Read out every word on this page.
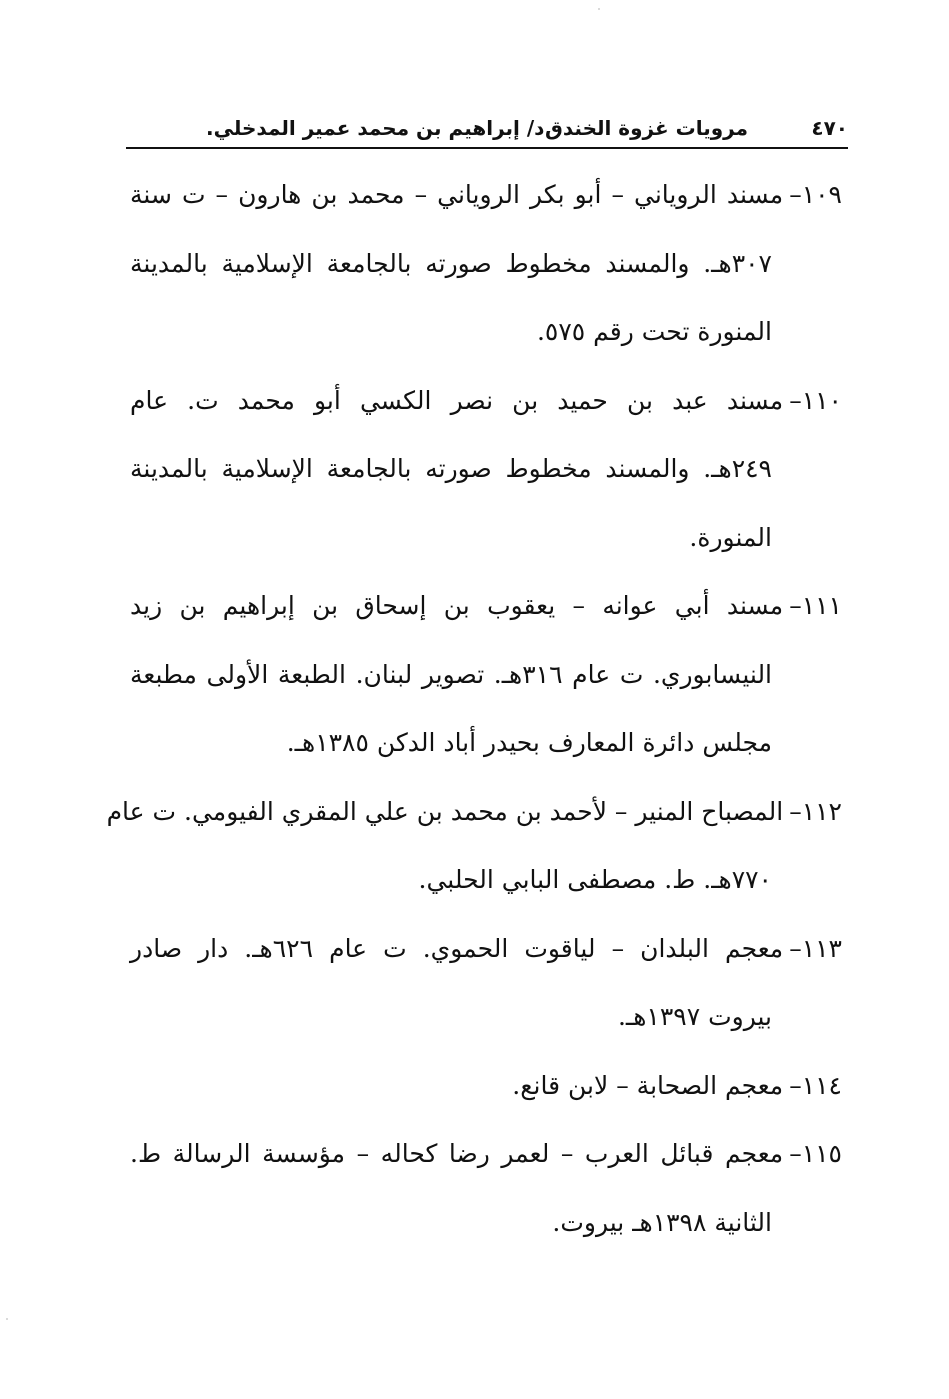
٤٧٠
مرويات غزوة الخندق
د/ إبراهيم بن محمد عمير المدخلي.
١٠٩–مسند الروياني – أبو بكر الروياني – محمد بن هارون – ت سنة
٣٠٧هـ. والمسند مخطوط صورته بالجامعة الإسلامية بالمدينة
المنورة تحت رقم ٥٧٥.
١١٠–مسند عبد بن حميد بن نصر الكسي أبو محمد ت. عام
٢٤٩هـ. والمسند مخطوط صورته بالجامعة الإسلامية بالمدينة
المنورة.
١١١–مسند أبي عوانه – يعقوب بن إسحاق بن إبراهيم بن زيد
النيسابوري. ت عام ٣١٦هـ. تصوير لبنان. الطبعة الأولى مطبعة
مجلس دائرة المعارف بحيدر أباد الدكن ١٣٨٥هـ.
١١٢–المصباح المنير – لأحمد بن محمد بن علي المقري الفيومي. ت عام
٧٧٠هـ. ط. مصطفى البابي الحلبي.
١١٣–معجم البلدان – لياقوت الحموي. ت عام ٦٢٦هـ. دار صادر
بيروت ١٣٩٧هـ.
١١٤–معجم الصحابة – لابن قانع.
١١٥–معجم قبائل العرب – لعمر رضا كحاله – مؤسسة الرسالة ط.
الثانية ١٣٩٨هـ بيروت.
